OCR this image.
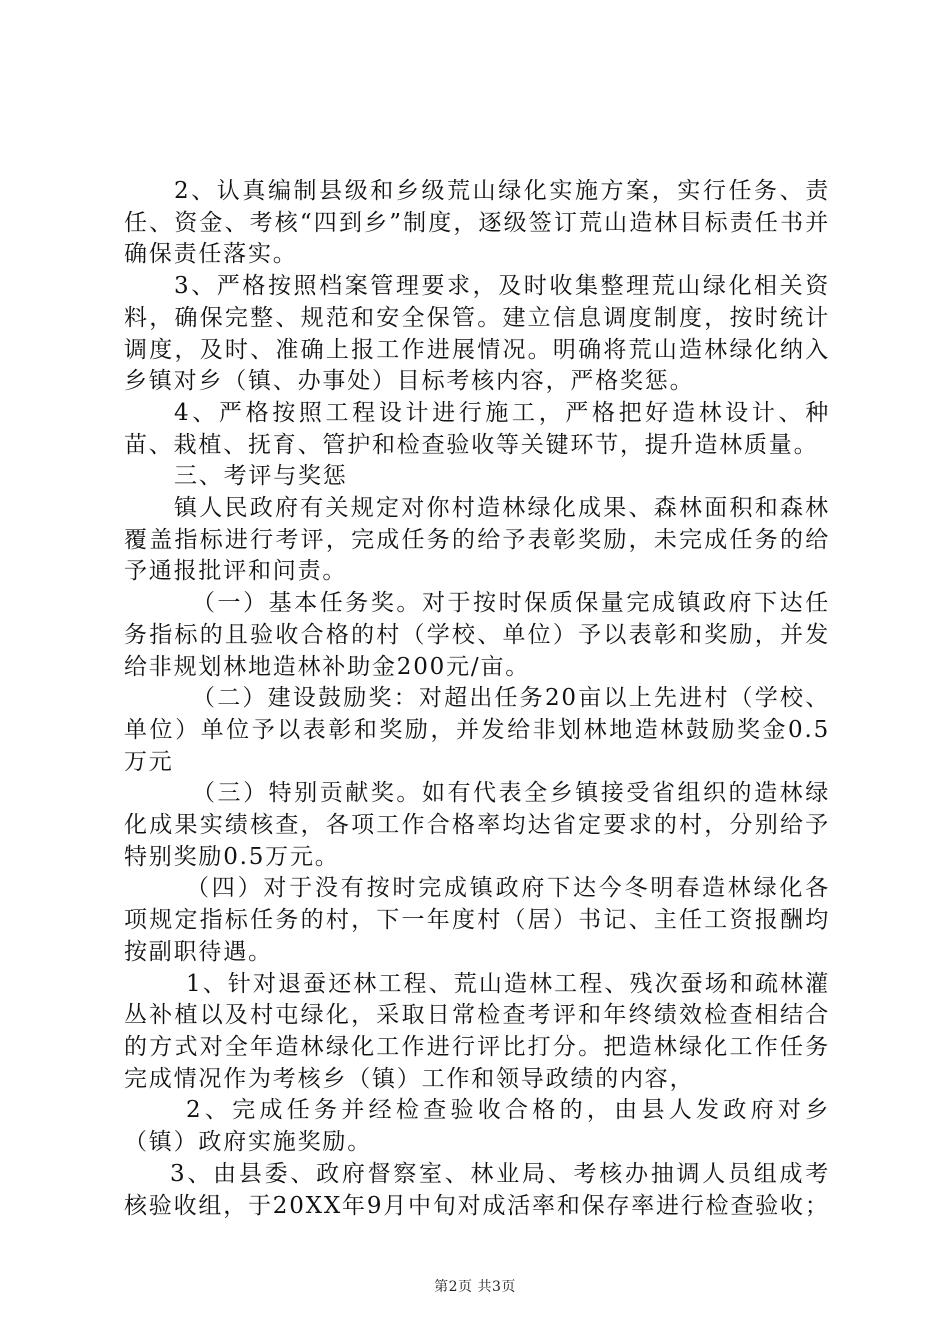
2、认真编制县级和乡级荒山绿化实施方案，实行任务、责任、资金、考核“四到乡”制度，逐级签订荒山造林目标责任书并确保责任落实。

3、严格按照档案管理要求，及时收集整理荒山绿化相关资料，确保完整、规范和安全保管。建立信息调度制度，按时统计调度，及时、准确上报工作进展情况。明确将荒山造林绿化纳入乡镇对乡（镇、办事处）目标考核内容，严格奖惩。

4、严格按照工程设计进行施工，严格把好造林设计、种苗、栽植、抚育、管护和检查验收等关键环节，提升造林质量。

三、考评与奖惩

镇人民政府有关规定对你村造林绿化成果、森林面积和森林覆盖指标进行考评，完成任务的给予表彰奖励，未完成任务的给予通报批评和问责。

（一）基本任务奖。对于按时保质保量完成镇政府下达任务指标的且验收合格的村（学校、单位）予以表彰和奖励，并发给非规划林地造林补助金200元/亩。

（二）建设鼓励奖：对超出任务20亩以上先进村（学校、单位）单位予以表彰和奖励，并发给非划林地造林鼓励奖金0.5万元

（三）特别贡献奖。如有代表全乡镇接受省组织的造林绿化成果实绩核查，各项工作合格率均达省定要求的村，分别给予特别奖励0.5万元。

（四）对于没有按时完成镇政府下达今冬明春造林绿化各项规定指标任务的村，下一年度村（居）书记、主任工资报酬均按副职待遇。

1、针对退蚕还林工程、荒山造林工程、残次蚕场和疏林灌丛补植以及村屯绿化，采取日常检查考评和年终绩效检查相结合的方式对全年造林绿化工作进行评比打分。把造林绿化工作任务完成情况作为考核乡（镇）工作和领导政绩的内容，

2、完成任务并经检查验收合格的，由县人发政府对乡（镇）政府实施奖励。

3、由县委、政府督察室、林业局、考核办抽调人员组成考核验收组，于20XX年9月中旬对成活率和保存率进行检查验收；

第2页 共3页
